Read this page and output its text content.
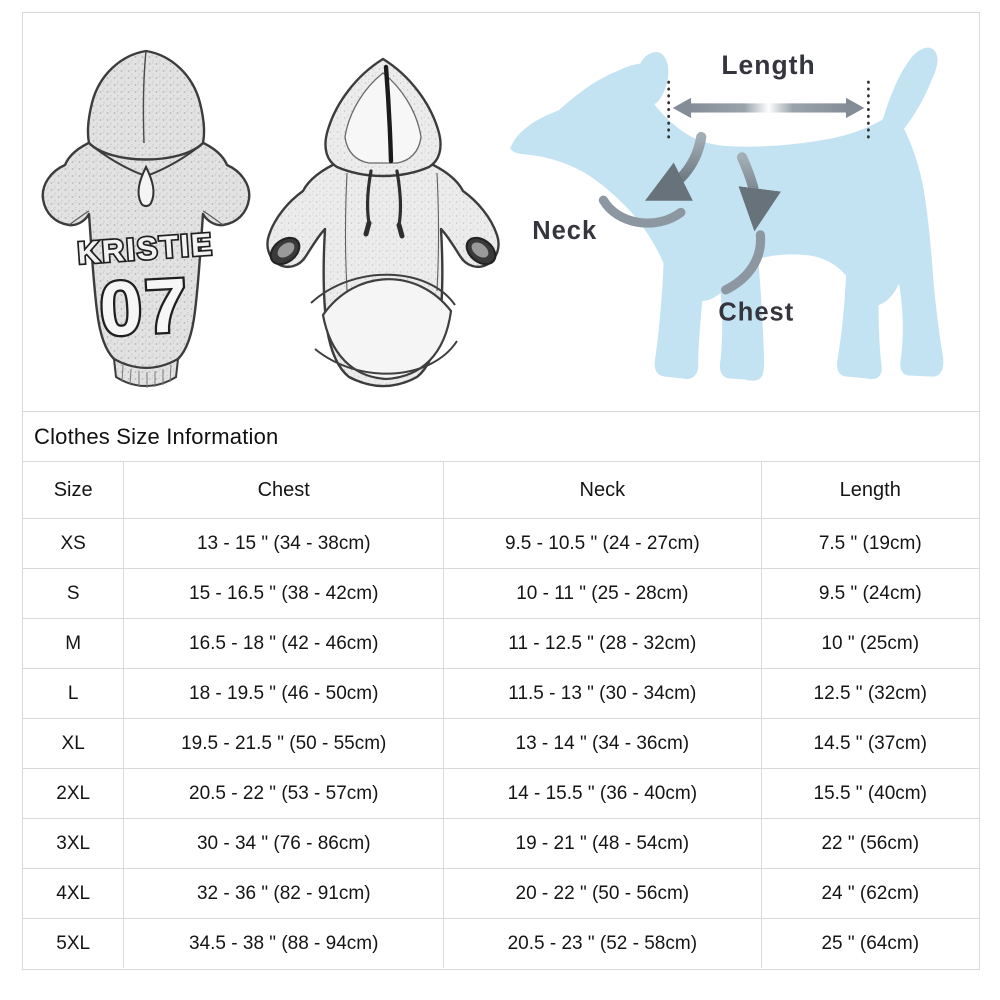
KRISTIE
07
Length
Neck
Chest
Clothes Size Information
Size	Chest	Neck	Length
XS	13 - 15 " (34 - 38cm)	9.5 - 10.5 " (24 - 27cm)	7.5 " (19cm)
S	15 - 16.5 " (38 - 42cm)	10 - 11 " (25 - 28cm)	9.5 " (24cm)
M	16.5 - 18 " (42 - 46cm)	11 - 12.5 " (28 - 32cm)	10 " (25cm)
L	18 - 19.5 " (46 - 50cm)	11.5 - 13 " (30 - 34cm)	12.5 " (32cm)
XL	19.5 - 21.5 " (50 - 55cm)	13 - 14 " (34 - 36cm)	14.5 " (37cm)
2XL	20.5 - 22 " (53 - 57cm)	14 - 15.5 " (36 - 40cm)	15.5 " (40cm)
3XL	30 - 34 " (76 - 86cm)	19 - 21 " (48 - 54cm)	22 " (56cm)
4XL	32 - 36 " (82 - 91cm)	20 - 22 " (50 - 56cm)	24 " (62cm)
5XL	34.5 - 38 " (88 - 94cm)	20.5 - 23 " (52 - 58cm)	25 " (64cm)
